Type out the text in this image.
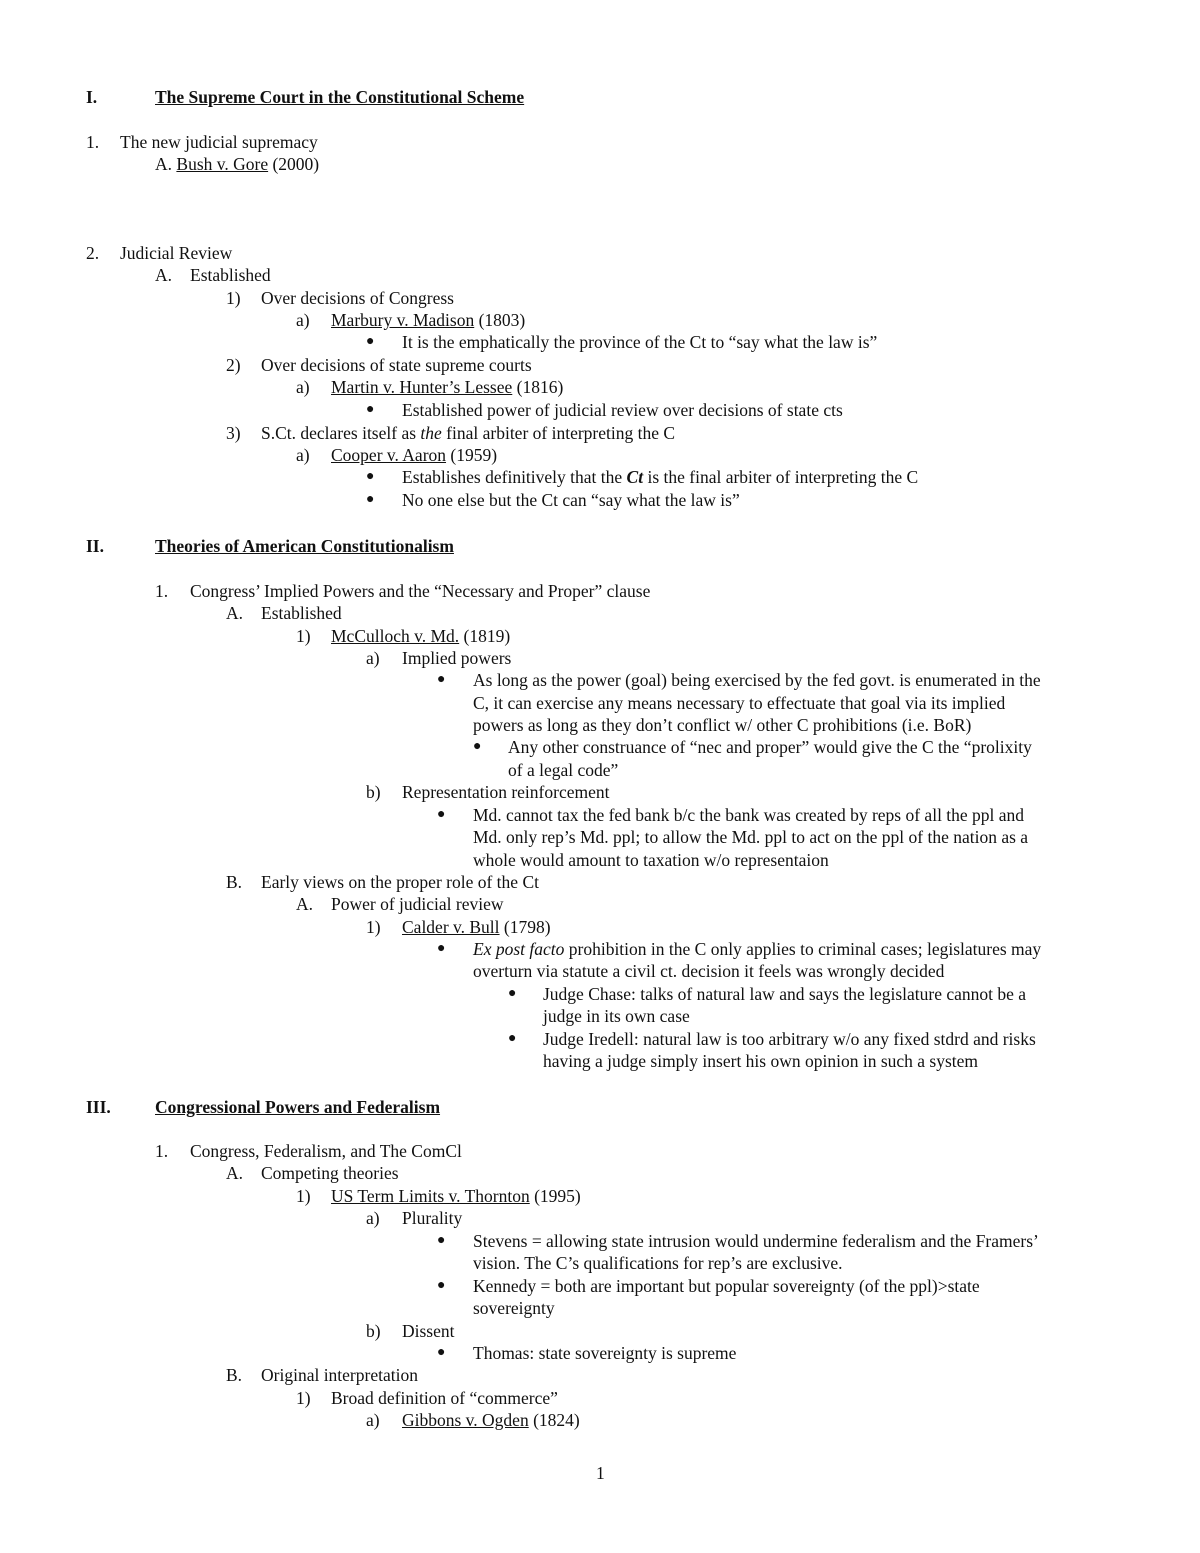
I.	The Supreme Court in the Constitutional Scheme
1. The new judicial supremacy
A. Bush v. Gore (2000)
2. Judicial Review
A. Established
1) Over decisions of Congress
a) Marbury v. Madison (1803)
● It is the emphatically the province of the Ct to “say what the law is”
2) Over decisions of state supreme courts
a) Martin v. Hunter’s Lessee (1816)
● Established power of judicial review over decisions of state cts
3) S.Ct. declares itself as the final arbiter of interpreting the C
a) Cooper v. Aaron (1959)
● Establishes definitively that the Ct is the final arbiter of interpreting the C
● No one else but the Ct can “say what the law is”
II.	Theories of American Constitutionalism
1. Congress’ Implied Powers and the “Necessary and Proper” clause
A. Established
1) McCulloch v. Md. (1819)
a) Implied powers
● As long as the power (goal) being exercised by the fed govt. is enumerated in the
C, it can exercise any means necessary to effectuate that goal via its implied
powers as long as they don’t conflict w/ other C prohibitions (i.e. BoR)
● Any other construance of “nec and proper” would give the C the “prolixity
of a legal code”
b) Representation reinforcement
● Md. cannot tax the fed bank b/c the bank was created by reps of all the ppl and
Md. only rep’s Md. ppl; to allow the Md. ppl to act on the ppl of the nation as a
whole would amount to taxation w/o representaion
B. Early views on the proper role of the Ct
A. Power of judicial review
1) Calder v. Bull (1798)
● Ex post facto prohibition in the C only applies to criminal cases; legislatures may
overturn via statute a civil ct. decision it feels was wrongly decided
● Judge Chase: talks of natural law and says the legislature cannot be a
judge in its own case
● Judge Iredell: natural law is too arbitrary w/o any fixed stdrd and risks
having a judge simply insert his own opinion in such a system
III.	Congressional Powers and Federalism
1. Congress, Federalism, and The ComCl
A. Competing theories
1) US Term Limits v. Thornton (1995)
a) Plurality
● Stevens = allowing state intrusion would undermine federalism and the Framers’
vision. The C’s qualifications for rep’s are exclusive.
● Kennedy = both are important but popular sovereignty (of the ppl)>state
sovereignty
b) Dissent
● Thomas: state sovereignty is supreme
B. Original interpretation
1) Broad definition of “commerce”
a) Gibbons v. Ogden (1824)
1
